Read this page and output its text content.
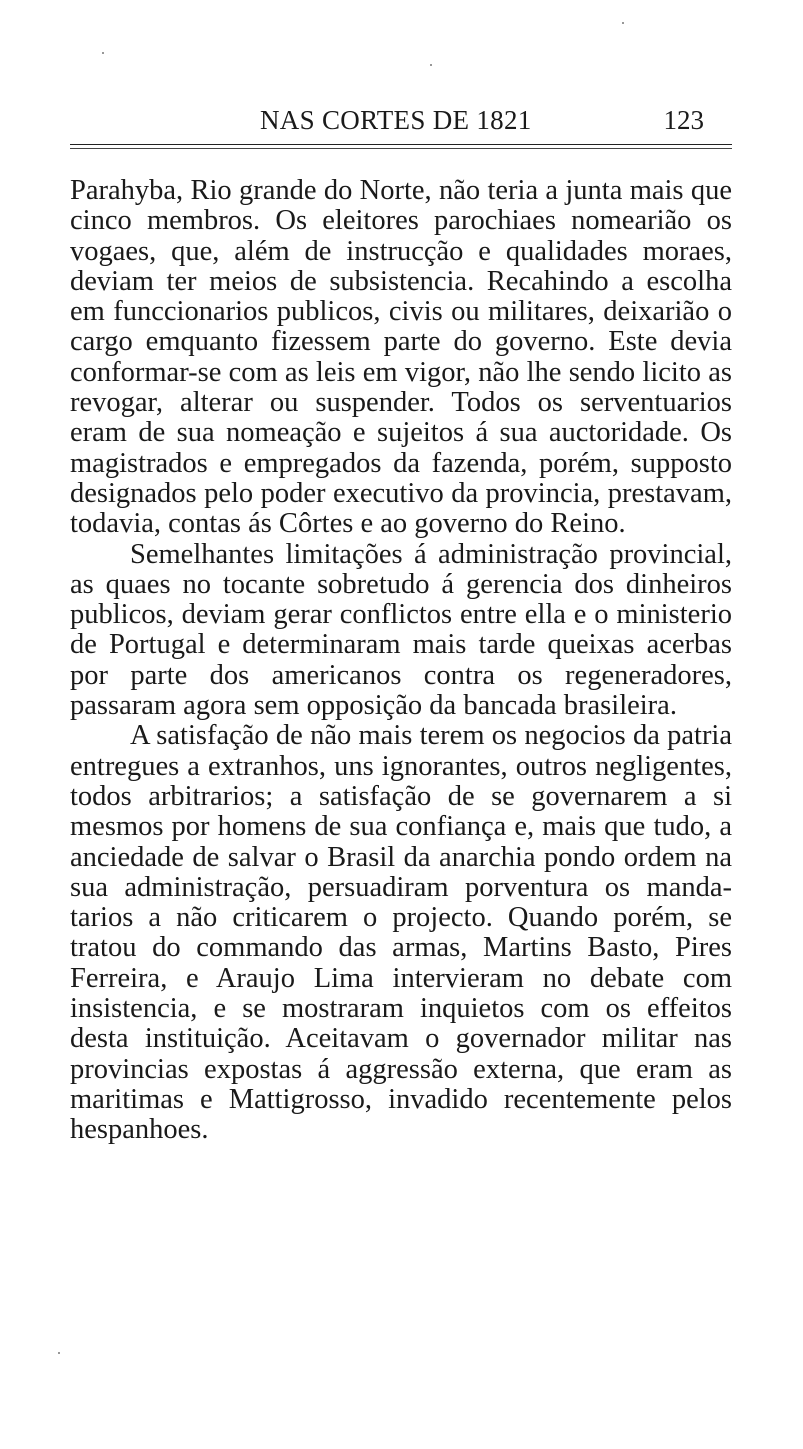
NAS CORTES DE 1821	123

Parahyba, Rio grande do Norte, não teria a junta mais que cinco membros. Os eleitores parochiaes nomearião os vogaes, que, além de instrucção e qualidades moraes, deviam ter meios de subsistencia. Recahindo a escolha em funccionarios publicos, civis ou militares, deixarião o cargo emquanto fizessem parte do governo. Este devia conformar-se com as leis em vigor, não lhe sendo licito as revogar, alterar ou suspender. Todos os serventuarios eram de sua nomeação e sujeitos á sua auctoridade. Os magistrados e empregados da fazenda, porém, supposto designados pelo poder executivo da provincia, prestavam, todavia, contas ás Côrtes e ao governo do Reino.

Semelhantes limitações á administração provincial, as quaes no tocante sobretudo á gerencia dos dinheiros publicos, deviam gerar conflictos entre ella e o ministerio de Portugal e determinaram mais tarde queixas acerbas por parte dos americanos contra os regeneradores, passaram agora sem opposição da bancada brasileira.

A satisfação de não mais terem os negocios da patria entregues a extranhos, uns ignorantes, outros negligentes, todos arbitrarios; a satisfação de se governarem a si mesmos por homens de sua confiança e, mais que tudo, a anciedade de salvar o Brasil da anarchia pondo ordem na sua administração, persuadiram porventura os mandatarios a não criticarem o projecto. Quando porém, se tratou do commando das armas, Martins Basto, Pires Ferreira, e Araujo Lima intervieram no debate com insistencia, e se mostraram inquietos com os effeitos desta instituição. Aceitavam o governador militar nas provincias expostas á aggressão externa, que eram as maritimas e Mattigrosso, invadido recentemente pelos hespanhoes.
